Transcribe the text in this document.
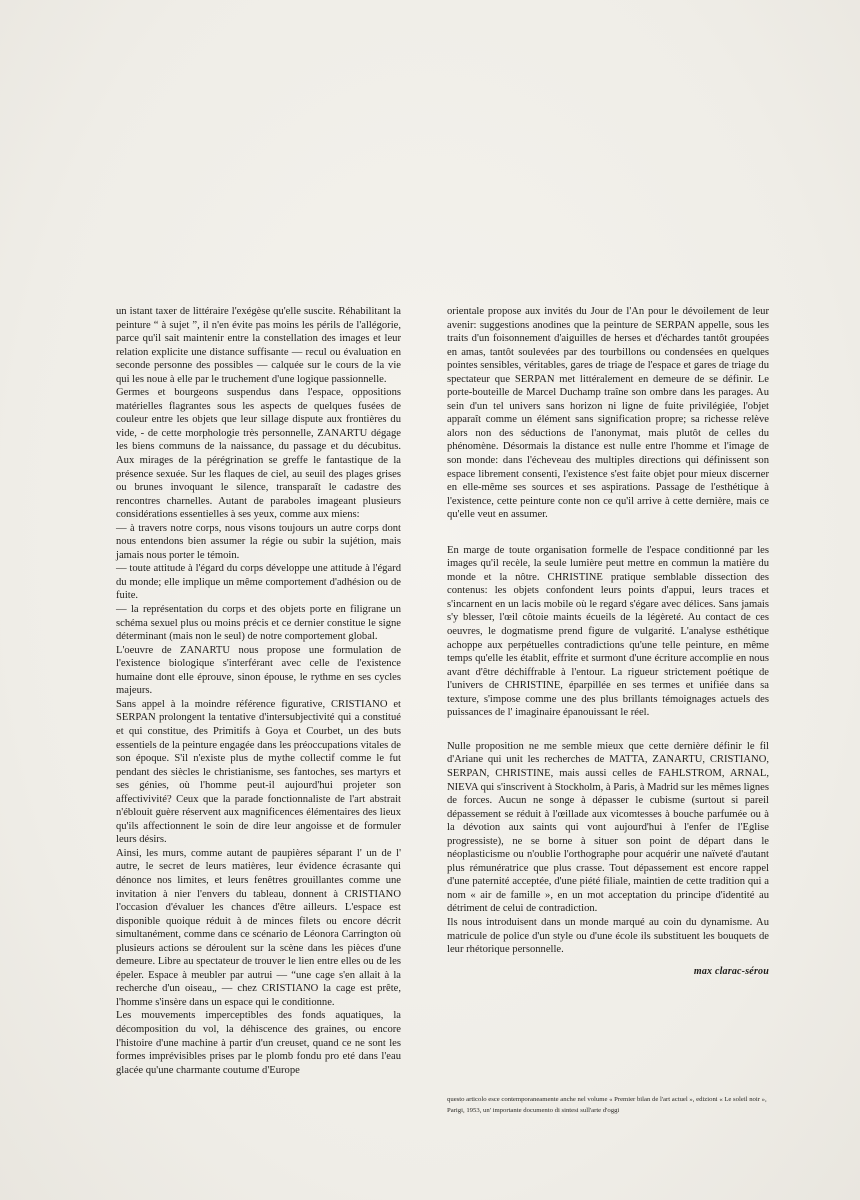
un istant taxer de littéraire l'exégèse qu'elle suscite. Réhabilitant la peinture “ à sujet ”, il n'en évite pas moins les périls de l'allégorie, parce qu'il sait maintenir entre la constellation des images et leur relation explicite une distance suffisante — recul ou évaluation en seconde personne des possibles — calquée sur le cours de la vie qui les noue à elle par le truchement d'une logique passionnelle.

Germes et bourgeons suspendus dans l'espace, oppositions matérielles flagrantes sous les aspects de quelques fusées de couleur entre les objets que leur sillage dispute aux frontières du vide, - de cette morphologie très personnelle, ZANARTU dégage les biens communs de la naissance, du passage et du décubitus. Aux mirages de la pérégrination se greffe le fantastique de la présence sexuée. Sur les flaques de ciel, au seuil des plages grises ou brunes invoquant le silence, transparaît le cadastre des rencontres charnelles. Autant de paraboles imageant plusieurs considérations essentielles à ses yeux, comme aux miens:

— à travers notre corps, nous visons toujours un autre corps dont nous entendons bien assumer la régie ou subir la sujétion, mais jamais nous porter le témoin.

— toute attitude à l'égard du corps développe une attitude à l'égard du monde; elle implique un même comportement d'adhésion ou de fuite.

— la représentation du corps et des objets porte en filigrane un schéma sexuel plus ou moins précis et ce dernier constitue le signe déterminant (mais non le seul) de notre comportement global.

L'oeuvre de ZANARTU nous propose une formulation de l'existence biologique s'interférant avec celle de l'existence humaine dont elle éprouve, sinon épouse, le rythme en ses cycles majeurs.

Sans appel à la moindre référence figurative, CRISTIANO et SERPAN prolongent la tentative d'intersubjectivité qui a constitué et qui constitue, des Primitifs à Goya et Courbet, un des buts essentiels de la peinture engagée dans les préoccupations vitales de son époque. S'il n'existe plus de mythe collectif comme le fut pendant des siècles le christianisme, ses fantoches, ses martyrs et ses génies, où l'homme peut-il aujourd'hui projeter son affectivivité? Ceux que la parade fonctionnaliste de l'art abstrait n'éblouit guère réservent aux magnificences élémentaires des lieux qu'ils affectionnent le soin de dire leur angoisse et de formuler leurs désirs.

Ainsi, les murs, comme autant de paupières séparant l' un de l' autre, le secret de leurs matières, leur évidence écrasante qui dénonce nos limites, et leurs fenêtres grouillantes comme une invitation à nier l'envers du tableau, donnent à CRISTIANO l'occasion d'évaluer les chances d'être ailleurs. L'espace est disponible quoique réduit à de minces filets ou encore décrit simultanément, comme dans ce scénario de Léonora Carrington où plusieurs actions se déroulent sur la scène dans les pièces d'une demeure. Libre au spectateur de trouver le lien entre elles ou de les épeler. Espace à meubler par autrui — “une cage s'en allait à la recherche d'un oiseau„ — chez CRISTIANO la cage est prête, l'homme s'insère dans un espace qui le conditionne.

Les mouvements imperceptibles des fonds aquatiques, la décomposition du vol, la déhiscence des graines, ou encore l'histoire d'une machine à partir d'un creuset, quand ce ne sont les formes imprévisibles prises par le plomb fondu pro eté dans l'eau glacée qu'une charmante coutume d'Europe

orientale propose aux invités du Jour de l'An pour le dévoilement de leur avenir: suggestions anodines que la peinture de SERPAN appelle, sous les traits d'un foisonnement d'aiguilles de herses et d'échardes tantôt groupées en amas, tantôt soulevées par des tourbillons ou condensées en quelques pointes sensibles, véritables, gares de triage de l'espace et gares de triage du spectateur que SERPAN met littéralement en demeure de se définir. Le porte-bouteille de Marcel Duchamp traîne son ombre dans les parages. Au sein d'un tel univers sans horizon ni ligne de fuite privilégiée, l'objet apparaît comme un élément sans signification propre; sa richesse relève alors non des séductions de l'anonymat, mais plutôt de celles du phénomène. Désormais la distance est nulle entre l'homme et l'image de son monde: dans l'écheveau des multiples directions qui définissent son espace librement consenti, l'existence s'est faite objet pour mieux discerner en elle-même ses sources et ses aspirations. Passage de l'esthétique à l'existence, cette peinture conte non ce qu'il arrive à cette dernière, mais ce qu'elle veut en assumer.

En marge de toute organisation formelle de l'espace conditionné par les images qu'il recèle, la seule lumière peut mettre en commun la matière du monde et la nôtre. CHRISTINE pratique semblable dissection des contenus: les objets confondent leurs points d'appui, leurs traces et s'incarnent en un lacis mobile où le regard s'égare avec délices. Sans jamais s'y blesser, l'œil côtoie maints écueils de la légèreté. Au contact de ces oeuvres, le dogmatisme prend figure de vulgarité. L'analyse esthétique achoppe aux perpétuelles contradictions qu'une telle peinture, en même temps qu'elle les établit, effrite et surmont d'une écriture accomplie en nous avant d'être déchiffrable à l'entour. La rigueur strictement poétique de l'univers de CHRISTINE, éparpillée en ses termes et unifiée dans sa texture, s'impose comme une des plus brillants témoignages actuels des puissances de l' imaginaire épanouissant le réel.

Nulle proposition ne me semble mieux que cette dernière définir le fil d'Ariane qui unit les recherches de MATTA, ZANARTU, CRISTIANO, SERPAN, CHRISTINE, mais aussi celles de FAHLSTROM, ARNAL, NIEVA qui s'inscrivent à Stockholm, à Paris, à Madrid sur les mêmes lignes de forces. Aucun ne songe à dépasser le cubisme (surtout si pareil dépassement se réduit à l'œillade aux vicomtesses à bouche parfumée ou à la dévotion aux saints qui vont aujourd'hui à l'enfer de l'Eglise progressiste), ne se borne à situer son point de départ dans le néoplasticisme ou n'oublie l'orthographe pour acquérir une naïveté d'autant plus rémunératrice que plus crasse. Tout dépassement est encore rappel d'une paternité acceptée, d'une piété filiale, maintien de cette tradition qui a nom « air de famille », en un mot acceptation du principe d'identité au détriment de celui de contradiction.

Ils nous introduisent dans un monde marqué au coin du dynamisme. Au matricule de police d'un style ou d'une école ils substituent les bouquets de leur rhétorique personnelle.

max clarac-sérou
questo articolo esce contemporaneamente anche nel volume « Premier bilan de l'art actuel », edizioni « Le soleil noir », Parigi, 1953, un' importante documento di sintesi sull'arte d'oggi
